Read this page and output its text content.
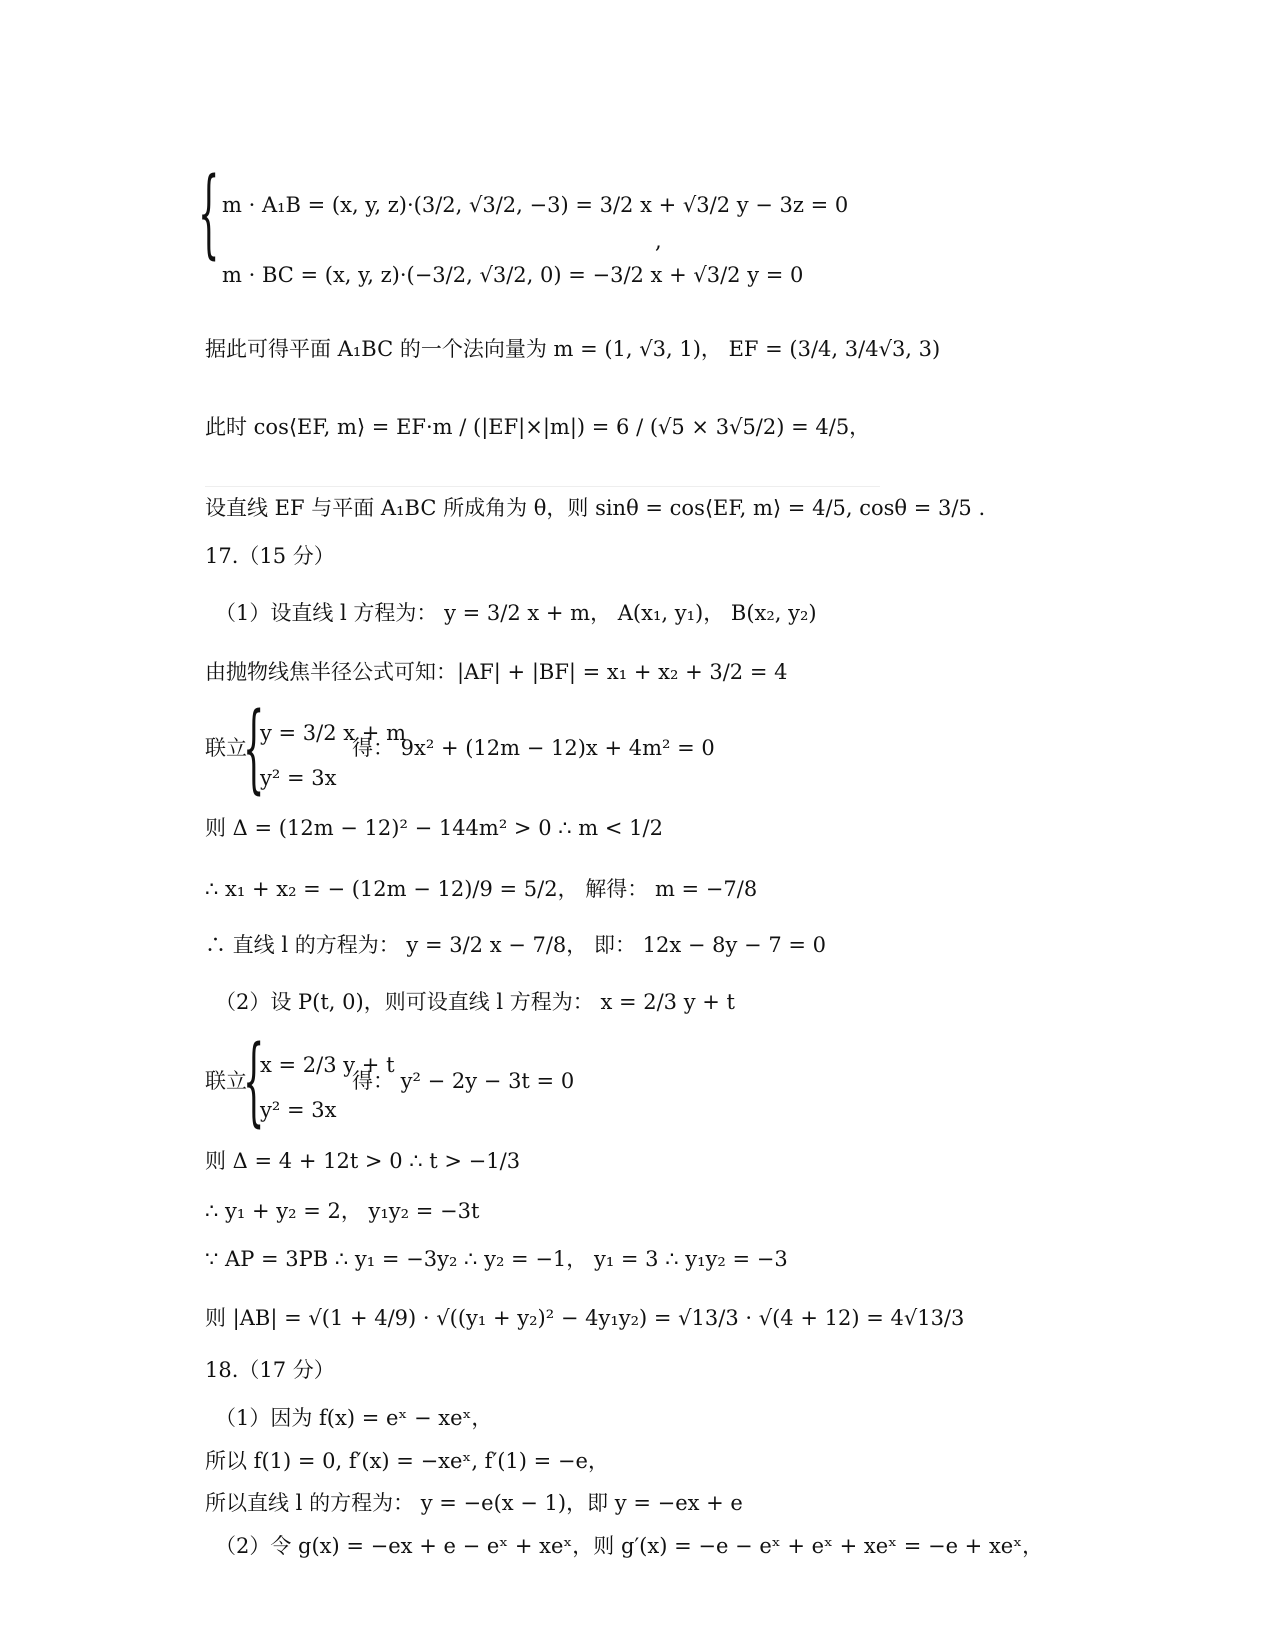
{ m · A₁B = (x, y, z)·(3/2, √3/2, −3) = 3/2 x + √3/2 y − 3z = 0
m · BC = (x, y, z)·(−3/2, √3/2, 0) = −3/2 x + √3/2 y = 0
,
据此可得平面 A₁BC 的一个法向量为 m = (1, √3, 1)， EF = (3/4, 3/4√3, 3)
此时 cos⟨EF, m⟩ = EF·m / (|EF|×|m|) = 6 / (√5 × 3√5/2) = 4/5，
设直线 EF 与平面 A₁BC 所成角为 θ，则 sinθ = cos⟨EF, m⟩ = 4/5, cosθ = 3/5 .
17.（15 分）
（1）设直线 l 方程为： y = 3/2 x + m， A(x₁, y₁)， B(x₂, y₂)
由抛物线焦半径公式可知：|AF| + |BF| = x₁ + x₂ + 3/2 = 4
联立
{
y = 3/2 x + m
y² = 3x
得： 9x² + (12m − 12)x + 4m² = 0
则 Δ = (12m − 12)² − 144m² > 0 ∴ m < 1/2
∴ x₁ + x₂ = − (12m − 12)/9 = 5/2， 解得： m = −7/8
∴ 直线 l 的方程为： y = 3/2 x − 7/8， 即： 12x − 8y − 7 = 0
（2）设 P(t, 0)，则可设直线 l 方程为： x = 2/3 y + t
联立
{
x = 2/3 y + t
y² = 3x
得： y² − 2y − 3t = 0
则 Δ = 4 + 12t > 0 ∴ t > −1/3
∴ y₁ + y₂ = 2， y₁y₂ = −3t
∵ AP = 3PB ∴ y₁ = −3y₂ ∴ y₂ = −1， y₁ = 3 ∴ y₁y₂ = −3
则 |AB| = √(1 + 4/9) · √((y₁ + y₂)² − 4y₁y₂) = √13/3 · √(4 + 12) = 4√13/3
18.（17 分）
（1）因为 f(x) = eˣ − xeˣ，
所以 f(1) = 0, f′(x) = −xeˣ, f′(1) = −e，
所以直线 l 的方程为： y = −e(x − 1)，即 y = −ex + e
（2）令 g(x) = −ex + e − eˣ + xeˣ，则 g′(x) = −e − eˣ + eˣ + xeˣ = −e + xeˣ，
